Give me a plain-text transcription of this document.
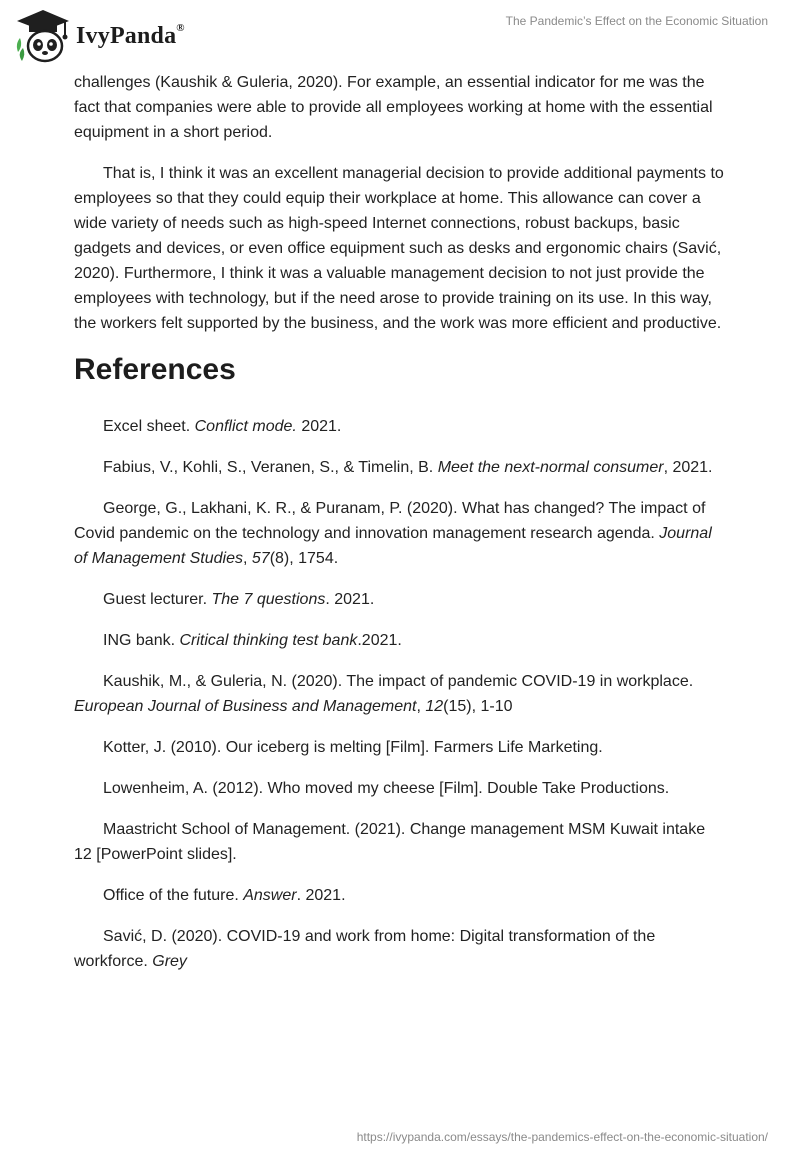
IvyPanda®	The Pandemic’s Effect on the Economic Situation

challenges (Kaushik & Guleria, 2020). For example, an essential indicator for me was the fact that companies were able to provide all employees working at home with the essential equipment in a short period.

That is, I think it was an excellent managerial decision to provide additional payments to employees so that they could equip their workplace at home. This allowance can cover a wide variety of needs such as high-speed Internet connections, robust backups, basic gadgets and devices, or even office equipment such as desks and ergonomic chairs (Savić, 2020). Furthermore, I think it was a valuable management decision to not just provide the employees with technology, but if the need arose to provide training on its use. In this way, the workers felt supported by the business, and the work was more efficient and productive.

References

Excel sheet. Conflict mode. 2021.

Fabius, V., Kohli, S., Veranen, S., & Timelin, B. Meet the next-normal consumer, 2021.

George, G., Lakhani, K. R., & Puranam, P. (2020). What has changed? The impact of Covid pandemic on the technology and innovation management research agenda. Journal of Management Studies, 57(8), 1754.

Guest lecturer. The 7 questions. 2021.

ING bank. Critical thinking test bank.2021.

Kaushik, M., & Guleria, N. (2020). The impact of pandemic COVID-19 in workplace. European Journal of Business and Management, 12(15), 1-10

Kotter, J. (2010). Our iceberg is melting [Film]. Farmers Life Marketing.

Lowenheim, A. (2012). Who moved my cheese [Film]. Double Take Productions.

Maastricht School of Management. (2021). Change management MSM Kuwait intake 12 [PowerPoint slides].

Office of the future. Answer. 2021.

Savić, D. (2020). COVID-19 and work from home: Digital transformation of the workforce. Grey

https://ivypanda.com/essays/the-pandemics-effect-on-the-economic-situation/
